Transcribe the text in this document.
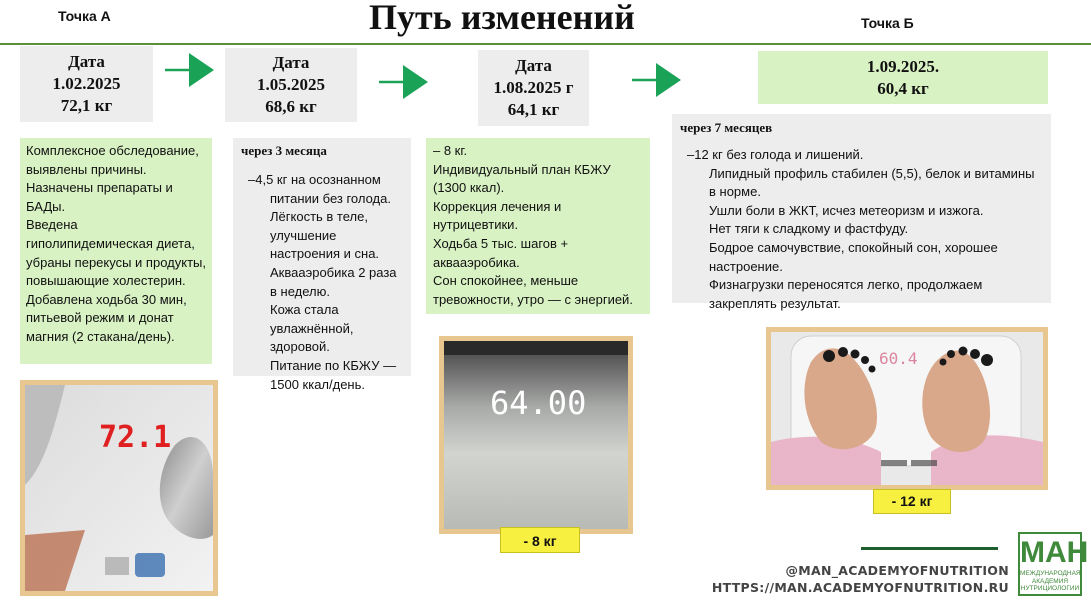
Точка А	Путь изменений	Точка Б
Дата
1.02.2025
72,1 кг
Дата
1.05.2025
68,6 кг
Дата
1.08.2025 г
64,1 кг
1.09.2025.
60,4 кг

Комплексное обследование, выявлены причины.

Назначены препараты и БАДы.

Введена гиполипидемическая диета, убраны перекусы и продукты, повышающие холестерин.

Добавлена ходьба 30 мин, питьевой режим и донат магния (2 стакана/день).

через 3 месяца

–4,5 кг на осознанном питании без голода.

Лёгкость в теле, улучшение настроения и сна.

Аквааэробика 2 раза в неделю.

Кожа стала увлажнённой, здоровой.

Питание по КБЖУ — 1500 ккал/день.

– 8 кг.

Индивидуальный план КБЖУ (1300 ккал).

Коррекция лечения и нутрицевтики.

Ходьба 5 тыс. шагов + аквааэробика.

Сон спокойнее, меньше тревожности, утро — с энергией.

через 7 месяцев

–12 кг без голода и лишений.

Липидный профиль стабилен (5,5), белок и витамины в норме.

Ушли боли в ЖКТ, исчез метеоризм и изжога.

Нет тяги к сладкому и фастфуду.

Бодрое самочувствие, спокойный сон, хорошее настроение.

Физнагрузки переносятся легко, продолжаем закреплять результат.

72.1
64.00
- 8 кг
60.4
- 12 кг
@MAN_ACADEMYOFNUTRITION
HTTPS://MAN.ACADEMYOFNUTRITION.RU
МАН
МЕЖДУНАРОДНАЯ
АКАДЕМИЯ
НУТРИЦИОЛОГИИ
